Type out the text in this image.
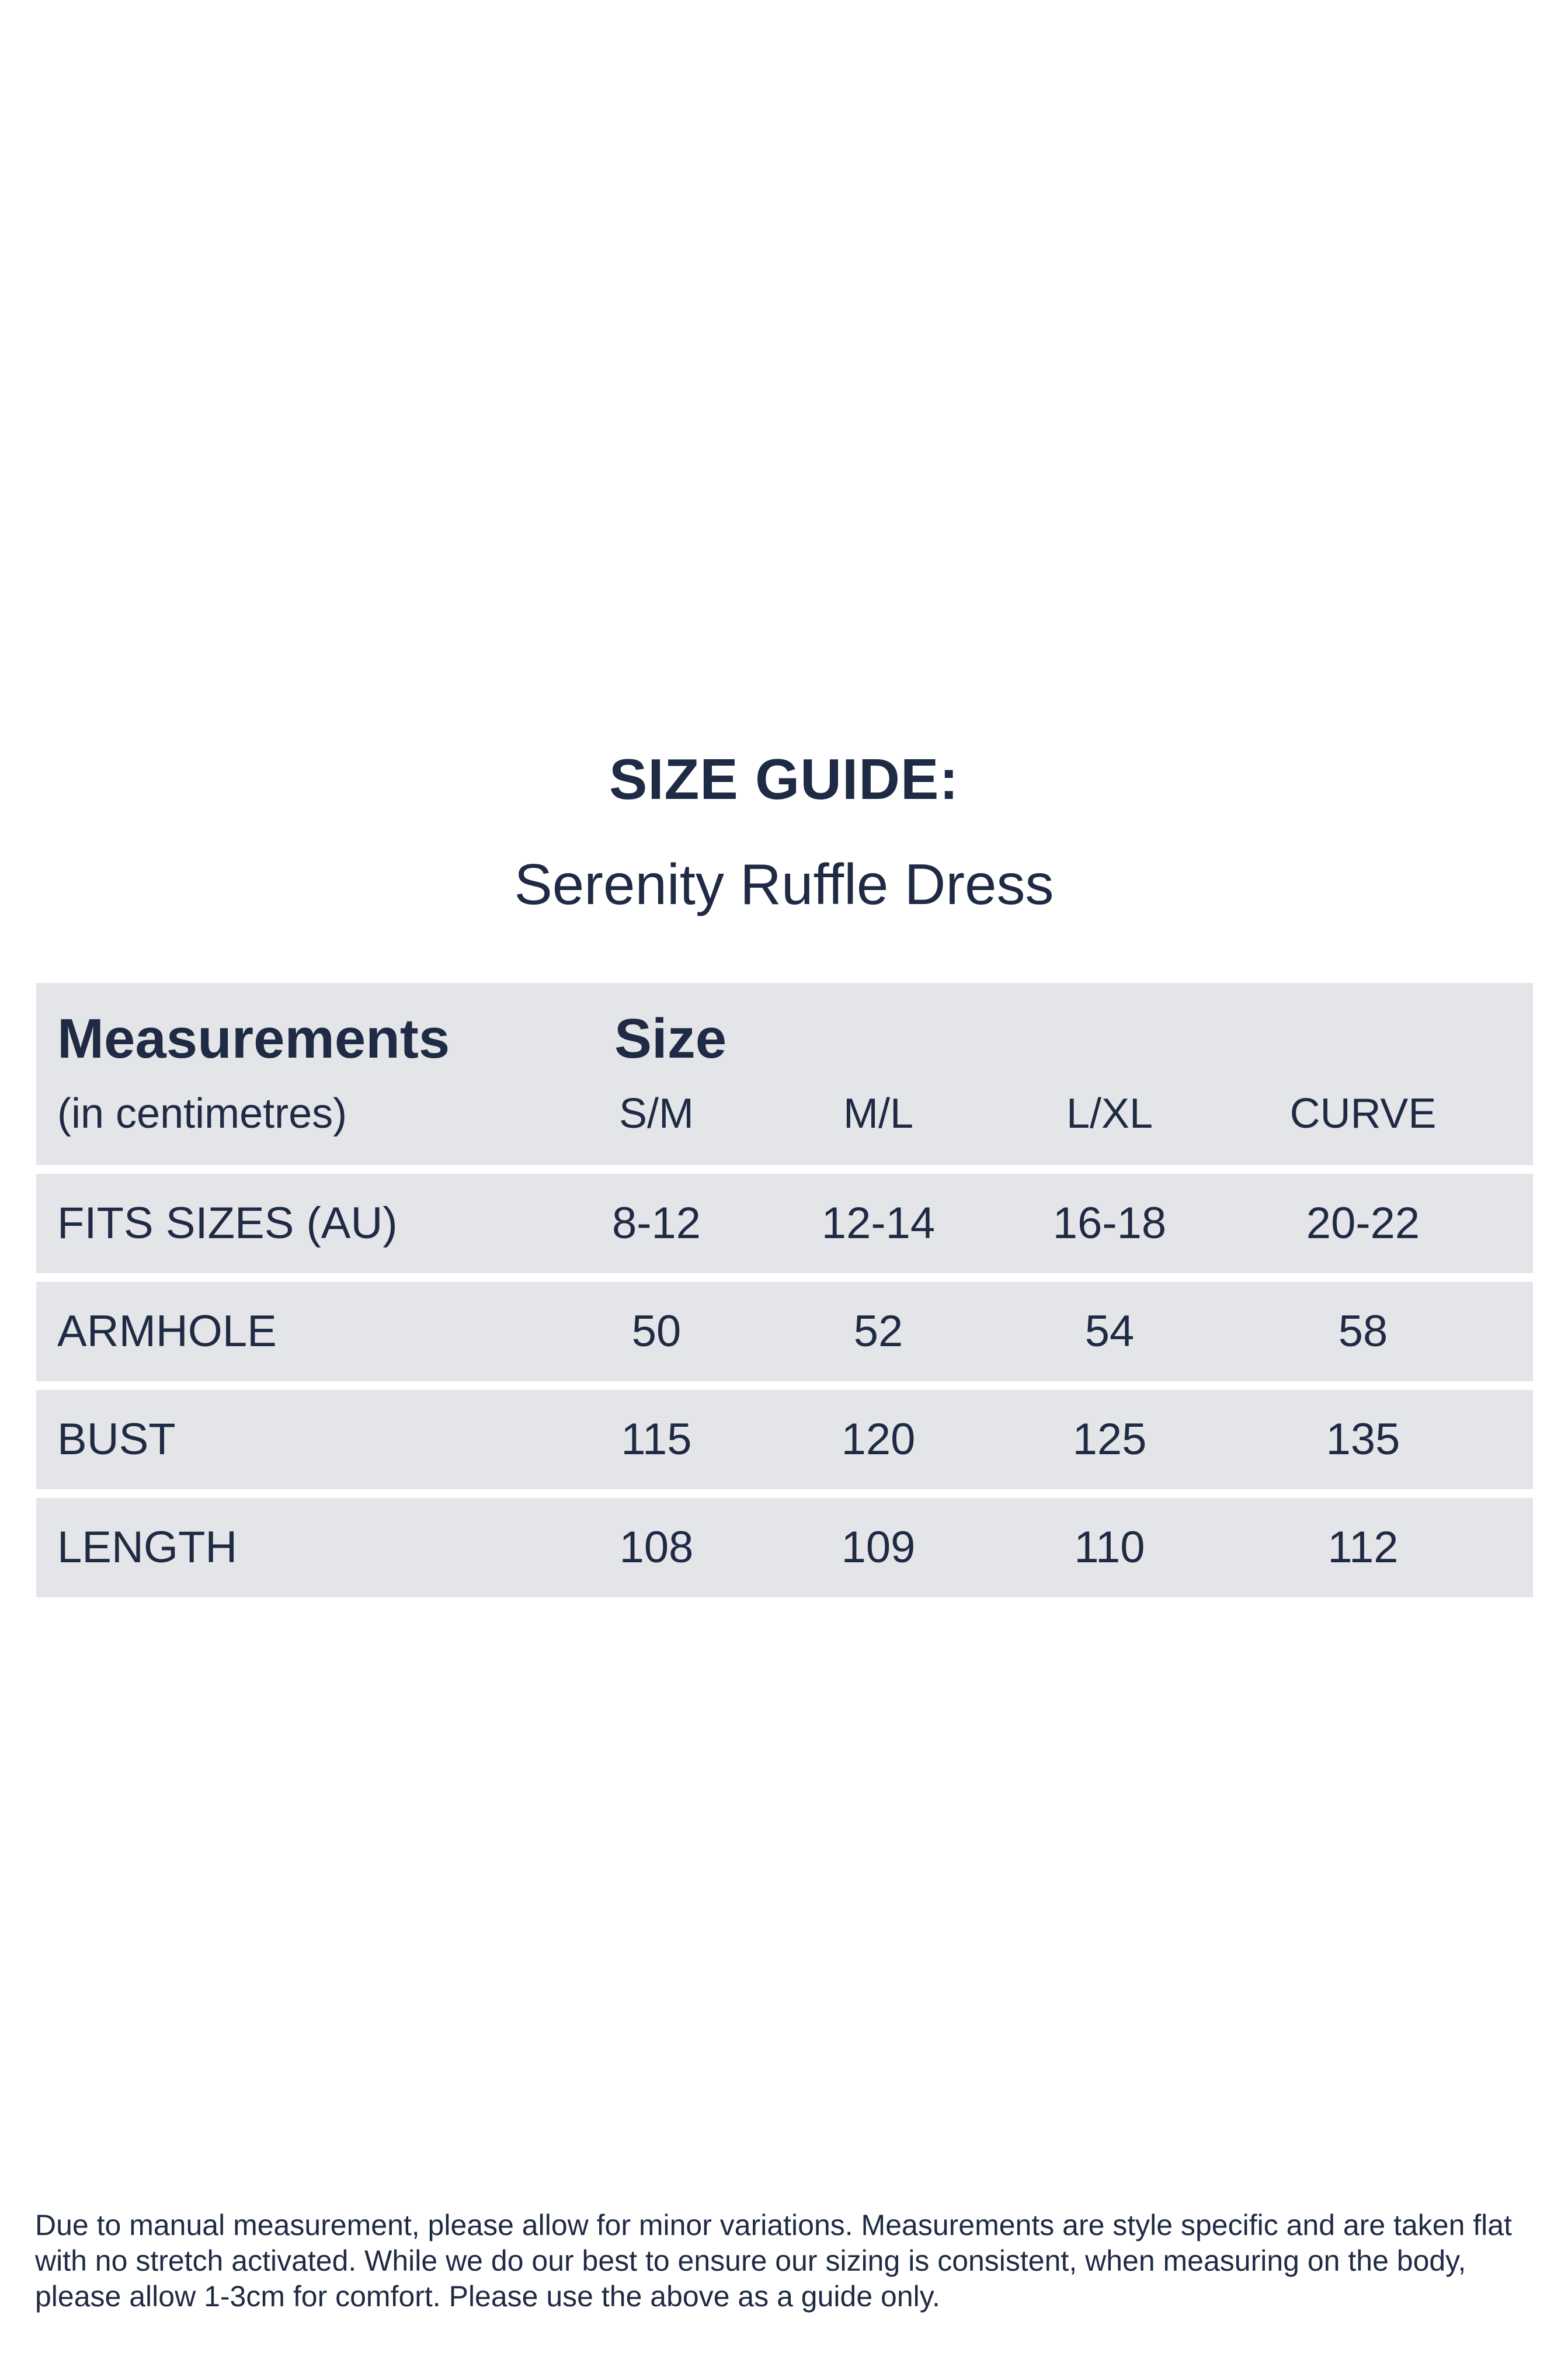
SIZE GUIDE:
Serenity Ruffle Dress
Measurements
(in centimetres)
Size
S/M	M/L	L/XL	CURVE
FITS SIZES (AU)	8-12	12-14	16-18	20-22
ARMHOLE	50	52	54	58
BUST	115	120	125	135
LENGTH	108	109	110	112
Due to manual measurement, please allow for minor variations. Measurements are style specific and are taken flat with no stretch activated. While we do our best to ensure our sizing is consistent, when measuring on the body, please allow 1-3cm for comfort. Please use the above as a guide only.
